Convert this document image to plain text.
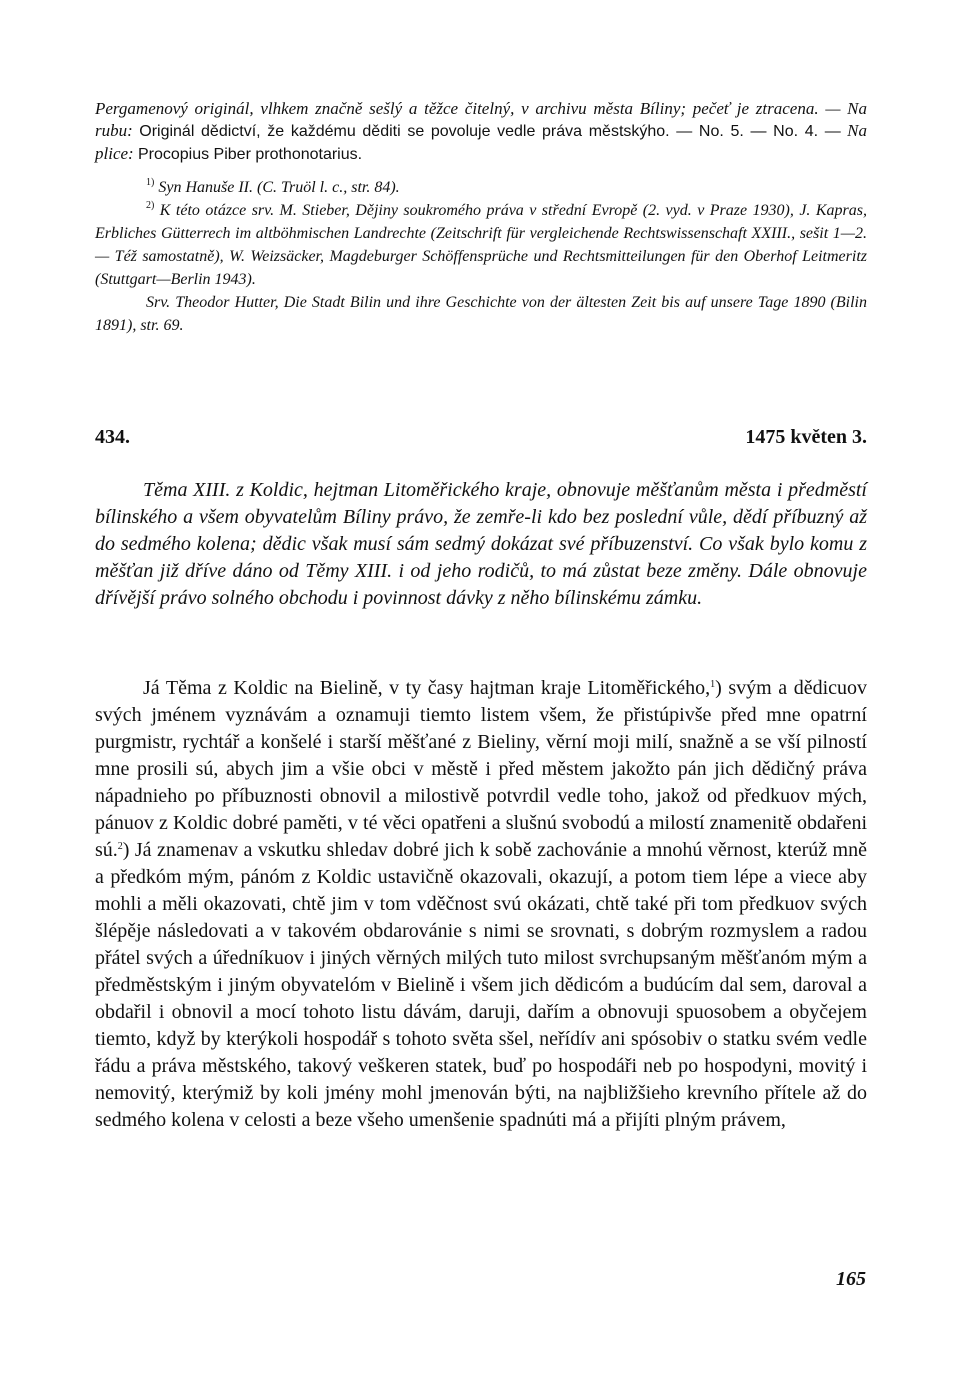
Pergamenový originál, vlhkem značně sešlý a těžce čitelný, v archivu města Bíliny; pečeť je ztracena. — Na rubu: Originál dědictví, že každému děditi se povoluje vedle práva městskýho. — No. 5. — No. 4. — Na plice: Procopius Piber prothonotarius.

$^{1)}$ Syn Hanuše II. (C. Truöl l. c., str. 84).

$^{2)}$ K této otázce srv. M. Stieber, Dějiny soukromého práva v střední Evropě (2. vyd. v Praze 1930), J. Kapras, Erbliches Gütterrech im altböhmischen Landrechte (Zeitschrift für vergleichende Rechtswissenschaft XXIII., sešit 1—2. — Též samostatně), W. Weizsäcker, Magdeburger Schöffensprüche und Rechtsmitteilungen für den Oberhof Leitmeritz (Stuttgart—Berlin 1943).

Srv. Theodor Hutter, Die Stadt Bilin und ihre Geschichte von der ältesten Zeit bis auf unsere Tage 1890 (Bilin 1891), str. 69.

434.	1475 květen 3.

Těma XIII. z Koldic, hejtman Litoměřického kraje, obnovuje měšťanům města i předměstí bílinského a všem obyvatelům Bíliny právo, že zemře-li kdo bez poslední vůle, dědí příbuzný až do sedmého kolena; dědic však musí sám sedmý dokázat své příbuzenství. Co však bylo komu z měšťan již dříve dáno od Těmy XIII. i od jeho rodičů, to má zůstat beze změny. Dále obnovuje dřívější právo solného obchodu i povinnost dávky z něho bílinskému zámku.

Já Těma z Koldic na Bielině, v ty časy hajtman kraje Litoměřického,$^1$) svým a dědicuov svých jménem vyznávám a oznamuji tiemto listem všem, že přistúpivše před mne opatrní purgmistr, rychtář a konšelé i starší měšťané z Bieliny, věrní moji milí, snažně a se vší pilností mne prosili sú, abych jim a všie obci v městě i před městem jakožto pán jich dědičný práva nápadnieho po příbuznosti obnovil a milostivě potvrdil vedle toho, jakož od předkuov mých, pánuov z Koldic dobré paměti, v té věci opatřeni a slušnú svobodú a milostí znamenitě obdařeni sú.$^2$) Já znamenav a vskutku shledav dobré jich k sobě zachovánie a mnohú věrnost, kterúž mně a předkóm mým, pánóm z Koldic ustavičně okazovali, okazují, a potom tiem lépe a viece aby mohli a měli okazovati, chtě jim v tom vděčnost svú okázati, chtě také při tom předkuov svých šlépěje následovati a v takovém obdarovánie s nimi se srovnati, s dobrým rozmyslem a radou přátel svých a úředníkuov i jiných věrných milých tuto milost svrchupsaným měšťanóm mým a předměstským i jiným obyvatelóm v Bielině i všem jich dědicóm a budúcím dal sem, daroval a obdařil i obnovil a mocí tohoto listu dávám, daruji, dařím a obnovuji spuosobem a obyčejem tiemto, když by kterýkoli hospodář s tohoto světa sšel, neřídív ani spósobiv o statku svém vedle řádu a práva městského, takový veškeren statek, buď po hospodáři neb po hospodyni, movitý i nemovitý, kterýmiž by koli jmény mohl jmenován býti, na najbližšieho krevního přítele až do sedmého kolena v celosti a beze všeho umenšenie spadnúti má a přijíti plným právem,

165
